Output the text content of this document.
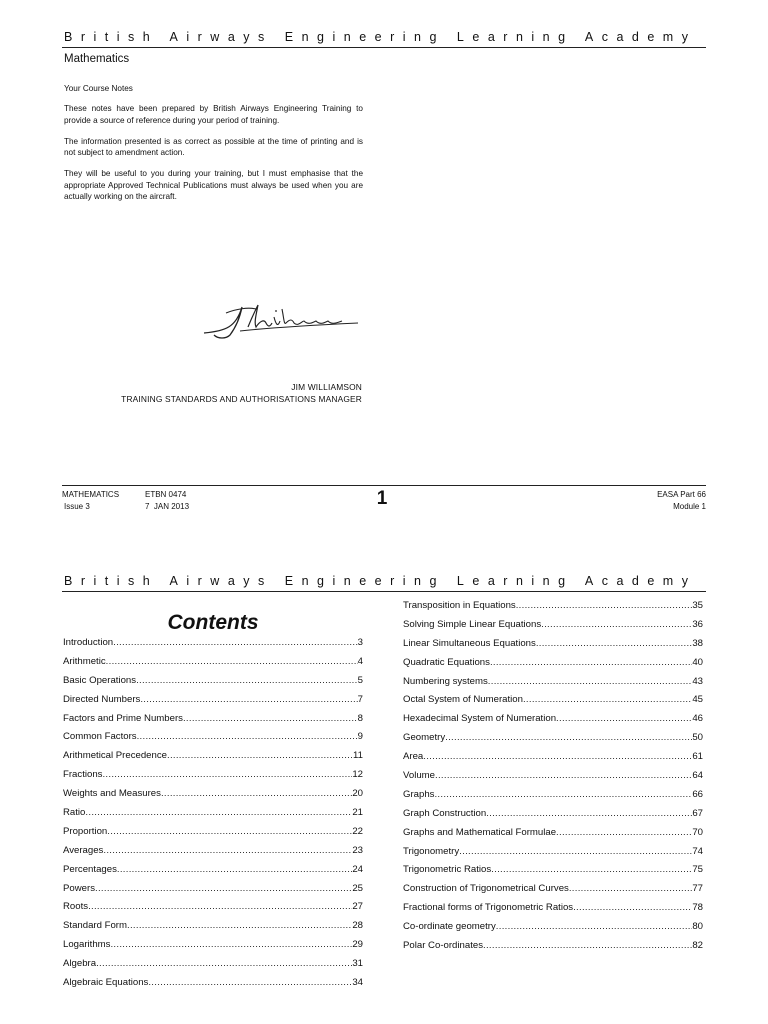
British Airways Engineering Learning Academy
Mathematics

Your Course Notes

These notes have been prepared by British Airways Engineering Training to provide a source of reference during your period of training.

The information presented is as correct as possible at the time of printing and is not subject to amendment action.

They will be useful to you during your training, but I must emphasise that the appropriate Approved Technical Publications must always be used when you are actually working on the aircraft.

JIM WILLIAMSON
TRAINING STANDARDS AND AUTHORISATIONS MANAGER
MATHEMATICS
Issue 3
ETBN 0474
7  JAN 2013	1	EASA Part 66
Module 1
British Airways Engineering Learning Academy
Contents
Introduction .....	3
Arithmetic .....	4
Basic Operations .....	5
Directed Numbers .....	7
Factors and Prime Numbers .....	8
Common Factors .....	9
Arithmetical Precedence .....	11
Fractions .....	12
Weights and Measures .....	20
Ratio .....	21
Proportion .....	22
Averages .....	23
Percentages .....	24
Powers .....	25
Roots .....	27
Standard Form .....	28
Logarithms .....	29
Algebra .....	31
Algebraic Equations .....	34
Transposition in Equations .....	35
Solving Simple Linear Equations .....	36
Linear Simultaneous Equations .....	38
Quadratic Equations .....	40
Numbering systems .....	43
Octal System of Numeration .....	45
Hexadecimal System of Numeration .....	46
Geometry .....	50
Area .....	61
Volume .....	64
Graphs .....	66
Graph Construction .....	67
Graphs and Mathematical Formulae .....	70
Trigonometry .....	74
Trigonometric Ratios .....	75
Construction of Trigonometrical Curves .....	77
Fractional forms of Trigonometric Ratios .....	78
Co-ordinate geometry .....	80
Polar Co-ordinates .....	82
